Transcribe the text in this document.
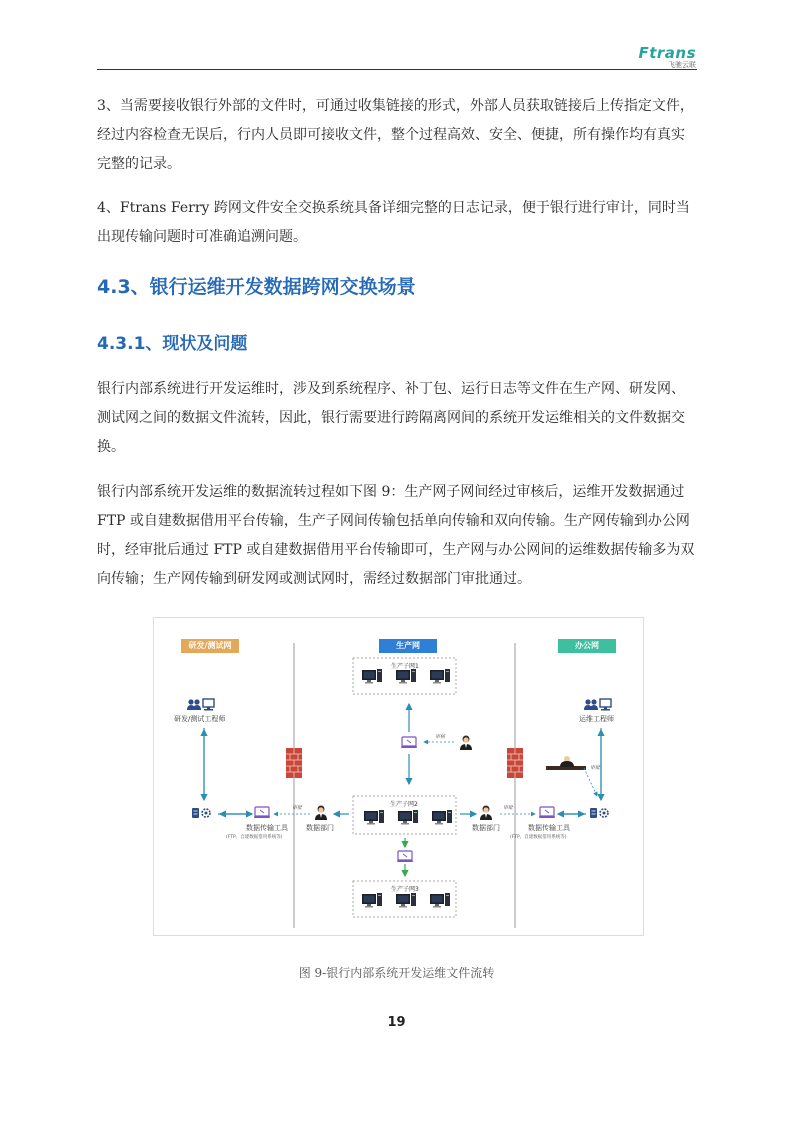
Ftrans
飞驰云联
3、当需要接收银行外部的文件时，可通过收集链接的形式，外部人员获取链接后上传指定文件，经过内容检查无误后，行内人员即可接收文件，整个过程高效、安全、便捷，所有操作均有真实完整的记录。
4、Ftrans Ferry 跨网文件安全交换系统具备详细完整的日志记录，便于银行进行审计，同时当出现传输问题时可准确追溯问题。
4.3、银行运维开发数据跨网交换场景
4.3.1、现状及问题
银行内部系统进行开发运维时，涉及到系统程序、补丁包、运行日志等文件在生产网、研发网、测试网之间的数据文件流转，因此，银行需要进行跨隔离网间的系统开发运维相关的文件数据交换。
银行内部系统开发运维的数据流转过程如下图 9：生产网子网间经过审核后，运维开发数据通过 FTP 或自建数据借用平台传输，生产子网间传输包括单向传输和双向传输。生产网传输到办公网时，经审批后通过 FTP 或自建数据借用平台传输即可，生产网与办公网间的运维数据传输多为双向传输；生产网传输到研发网或测试网时，需经过数据部门审批通过。
研发/测试网	生产网	办公网
生产子网1
生产子网2
生产子网3
研发/测试工程师	运维工程师
数据传输工具
(FTP、自建数据借用系统等)
数据传输工具
(FTP、自建数据借用系统等)
数据部门	数据部门
审核
审批	审批
审批
图 9-银行内部系统开发运维文件流转
19
